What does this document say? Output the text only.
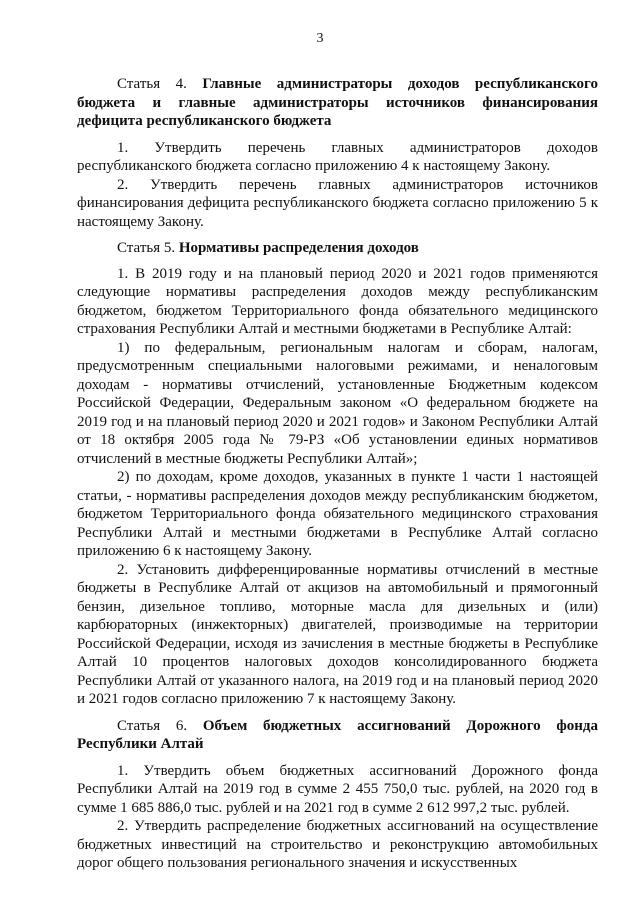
3

Статья 4. Главные администраторы доходов республиканского бюджета и главные администраторы источников финансирования дефицита республиканского бюджета

1. Утвердить перечень главных администраторов доходов республиканского бюджета согласно приложению 4 к настоящему Закону.

2. Утвердить перечень главных администраторов источников финансирования дефицита республиканского бюджета согласно приложению 5 к настоящему Закону.

Статья 5. Нормативы распределения доходов

1. В 2019 году и на плановый период 2020 и 2021 годов применяются следующие нормативы распределения доходов между республиканским бюджетом, бюджетом Территориального фонда обязательного медицинского страхования Республики Алтай и местными бюджетами в Республике Алтай:

1) по федеральным, региональным налогам и сборам, налогам, предусмотренным специальными налоговыми режимами, и неналоговым доходам - нормативы отчислений, установленные Бюджетным кодексом Российской Федерации, Федеральным законом «О федеральном бюджете на 2019 год и на плановый период 2020 и 2021 годов» и Законом Республики Алтай от 18 октября 2005 года № 79-РЗ «Об установлении единых нормативов отчислений в местные бюджеты Республики Алтай»;

2) по доходам, кроме доходов, указанных в пункте 1 части 1 настоящей статьи, - нормативы распределения доходов между республиканским бюджетом, бюджетом Территориального фонда обязательного медицинского страхования Республики Алтай и местными бюджетами в Республике Алтай согласно приложению 6 к настоящему Закону.

2. Установить дифференцированные нормативы отчислений в местные бюджеты в Республике Алтай от акцизов на автомобильный и прямогонный бензин, дизельное топливо, моторные масла для дизельных и (или) карбюраторных (инжекторных) двигателей, производимые на территории Российской Федерации, исходя из зачисления в местные бюджеты в Республике Алтай 10 процентов налоговых доходов консолидированного бюджета Республики Алтай от указанного налога, на 2019 год и на плановый период 2020 и 2021 годов согласно приложению 7 к настоящему Закону.

Статья 6. Объем бюджетных ассигнований Дорожного фонда Республики Алтай

1. Утвердить объем бюджетных ассигнований Дорожного фонда Республики Алтай на 2019 год в сумме 2 455 750,0 тыс. рублей, на 2020 год в сумме 1 685 886,0 тыс. рублей и на 2021 год в сумме 2 612 997,2 тыс. рублей.

2. Утвердить распределение бюджетных ассигнований на осуществление бюджетных инвестиций на строительство и реконструкцию автомобильных дорог общего пользования регионального значения и искусственных
